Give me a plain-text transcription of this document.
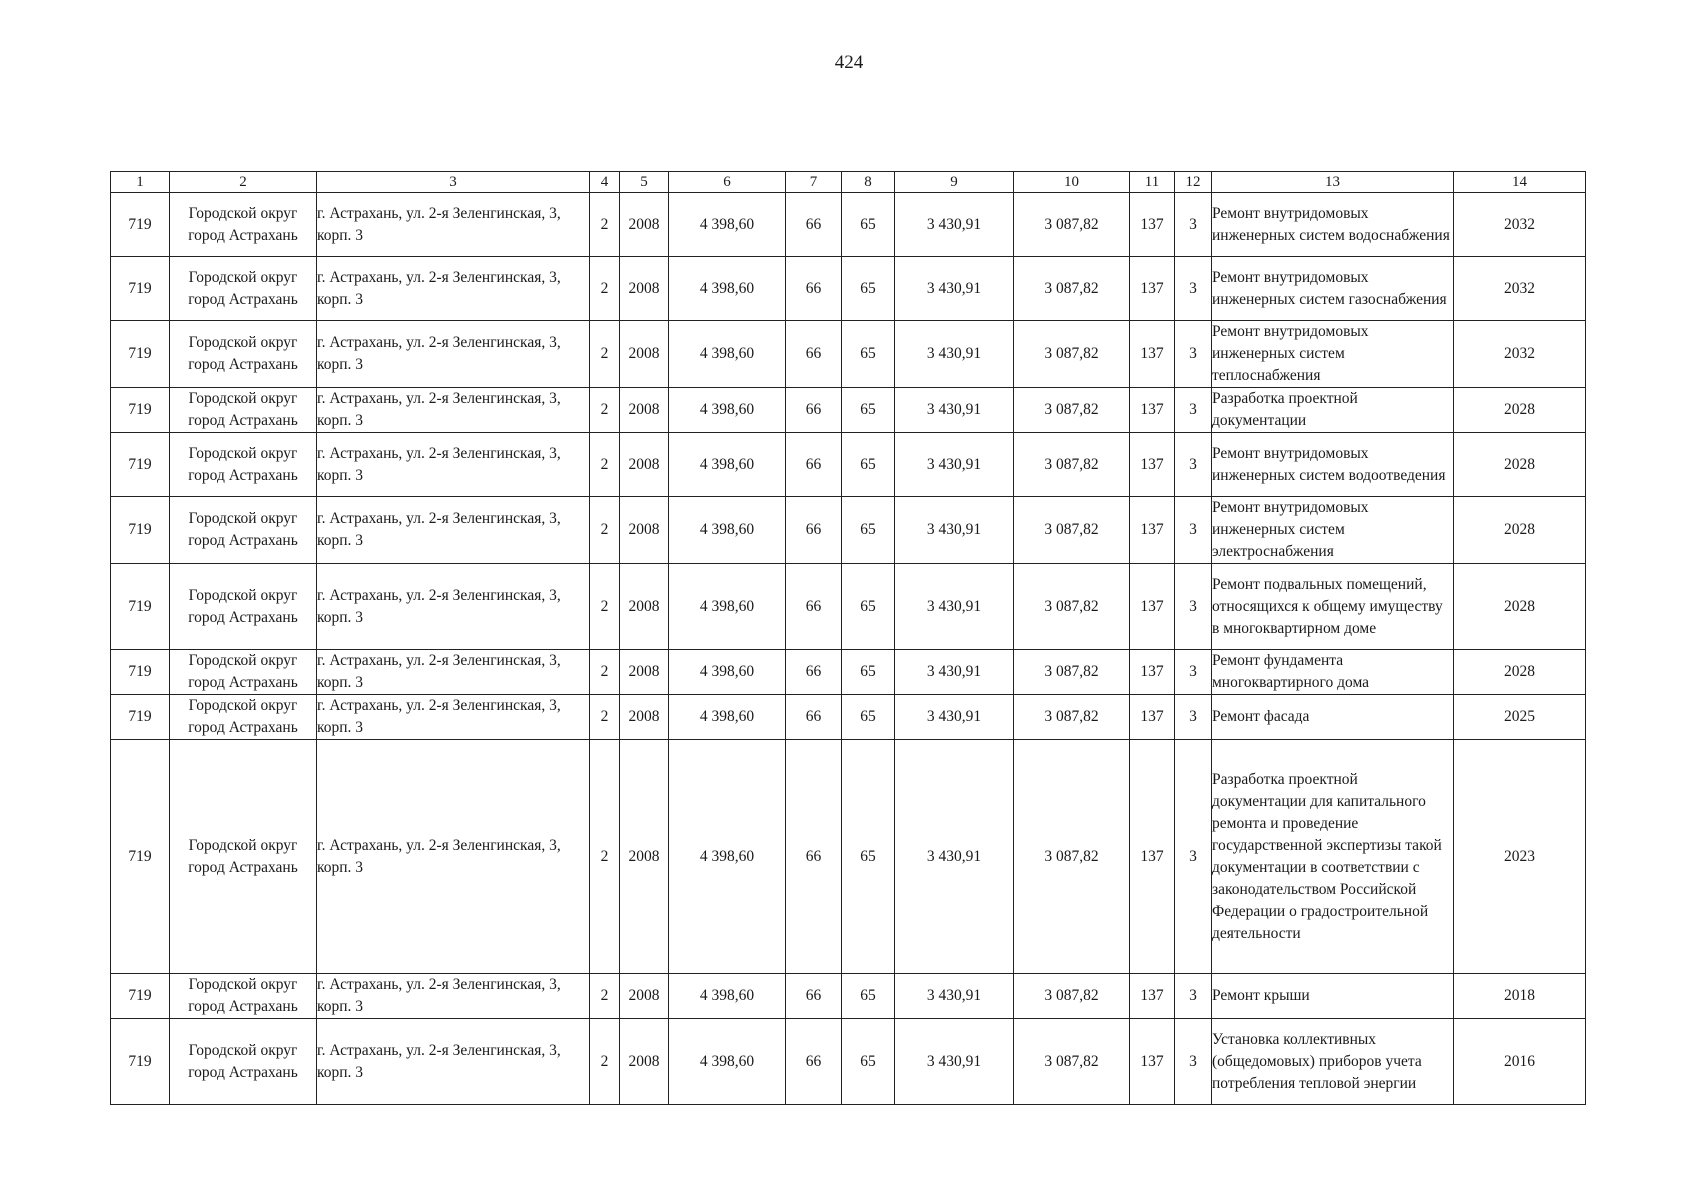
424
1	2	3	4	5	6	7	8	9	10	11	12	13	14
719	Городской округ город Астрахань	г. Астрахань, ул. 2-я Зеленгинская, 3, корп. 3	2	2008	4 398,60	66	65	3 430,91	3 087,82	137	3	Ремонт внутридомовых инженерных систем водоснабжения	2032
719	Городской округ город Астрахань	г. Астрахань, ул. 2-я Зеленгинская, 3, корп. 3	2	2008	4 398,60	66	65	3 430,91	3 087,82	137	3	Ремонт внутридомовых инженерных систем газоснабжения	2032
719	Городской округ город Астрахань	г. Астрахань, ул. 2-я Зеленгинская, 3, корп. 3	2	2008	4 398,60	66	65	3 430,91	3 087,82	137	3	Ремонт внутридомовых инженерных систем теплоснабжения	2032
719	Городской округ город Астрахань	г. Астрахань, ул. 2-я Зеленгинская, 3, корп. 3	2	2008	4 398,60	66	65	3 430,91	3 087,82	137	3	Разработка проектной документации	2028
719	Городской округ город Астрахань	г. Астрахань, ул. 2-я Зеленгинская, 3, корп. 3	2	2008	4 398,60	66	65	3 430,91	3 087,82	137	3	Ремонт внутридомовых инженерных систем водоотведения	2028
719	Городской округ город Астрахань	г. Астрахань, ул. 2-я Зеленгинская, 3, корп. 3	2	2008	4 398,60	66	65	3 430,91	3 087,82	137	3	Ремонт внутридомовых инженерных систем электроснабжения	2028
719	Городской округ город Астрахань	г. Астрахань, ул. 2-я Зеленгинская, 3, корп. 3	2	2008	4 398,60	66	65	3 430,91	3 087,82	137	3	Ремонт подвальных помещений, относящихся к общему имуществу в многоквартирном доме	2028
719	Городской округ город Астрахань	г. Астрахань, ул. 2-я Зеленгинская, 3, корп. 3	2	2008	4 398,60	66	65	3 430,91	3 087,82	137	3	Ремонт фундамента многоквартирного дома	2028
719	Городской округ город Астрахань	г. Астрахань, ул. 2-я Зеленгинская, 3, корп. 3	2	2008	4 398,60	66	65	3 430,91	3 087,82	137	3	Ремонт фасада	2025
719	Городской округ город Астрахань	г. Астрахань, ул. 2-я Зеленгинская, 3, корп. 3	2	2008	4 398,60	66	65	3 430,91	3 087,82	137	3	Разработка проектной документации для капитального ремонта и проведение государственной экспертизы такой документации в соответствии с законодательством Российской Федерации о градостроительной деятельности	2023
719	Городской округ город Астрахань	г. Астрахань, ул. 2-я Зеленгинская, 3, корп. 3	2	2008	4 398,60	66	65	3 430,91	3 087,82	137	3	Ремонт крыши	2018
719	Городской округ город Астрахань	г. Астрахань, ул. 2-я Зеленгинская, 3, корп. 3	2	2008	4 398,60	66	65	3 430,91	3 087,82	137	3	Установка коллективных (общедомовых) приборов учета потребления тепловой энергии	2016
